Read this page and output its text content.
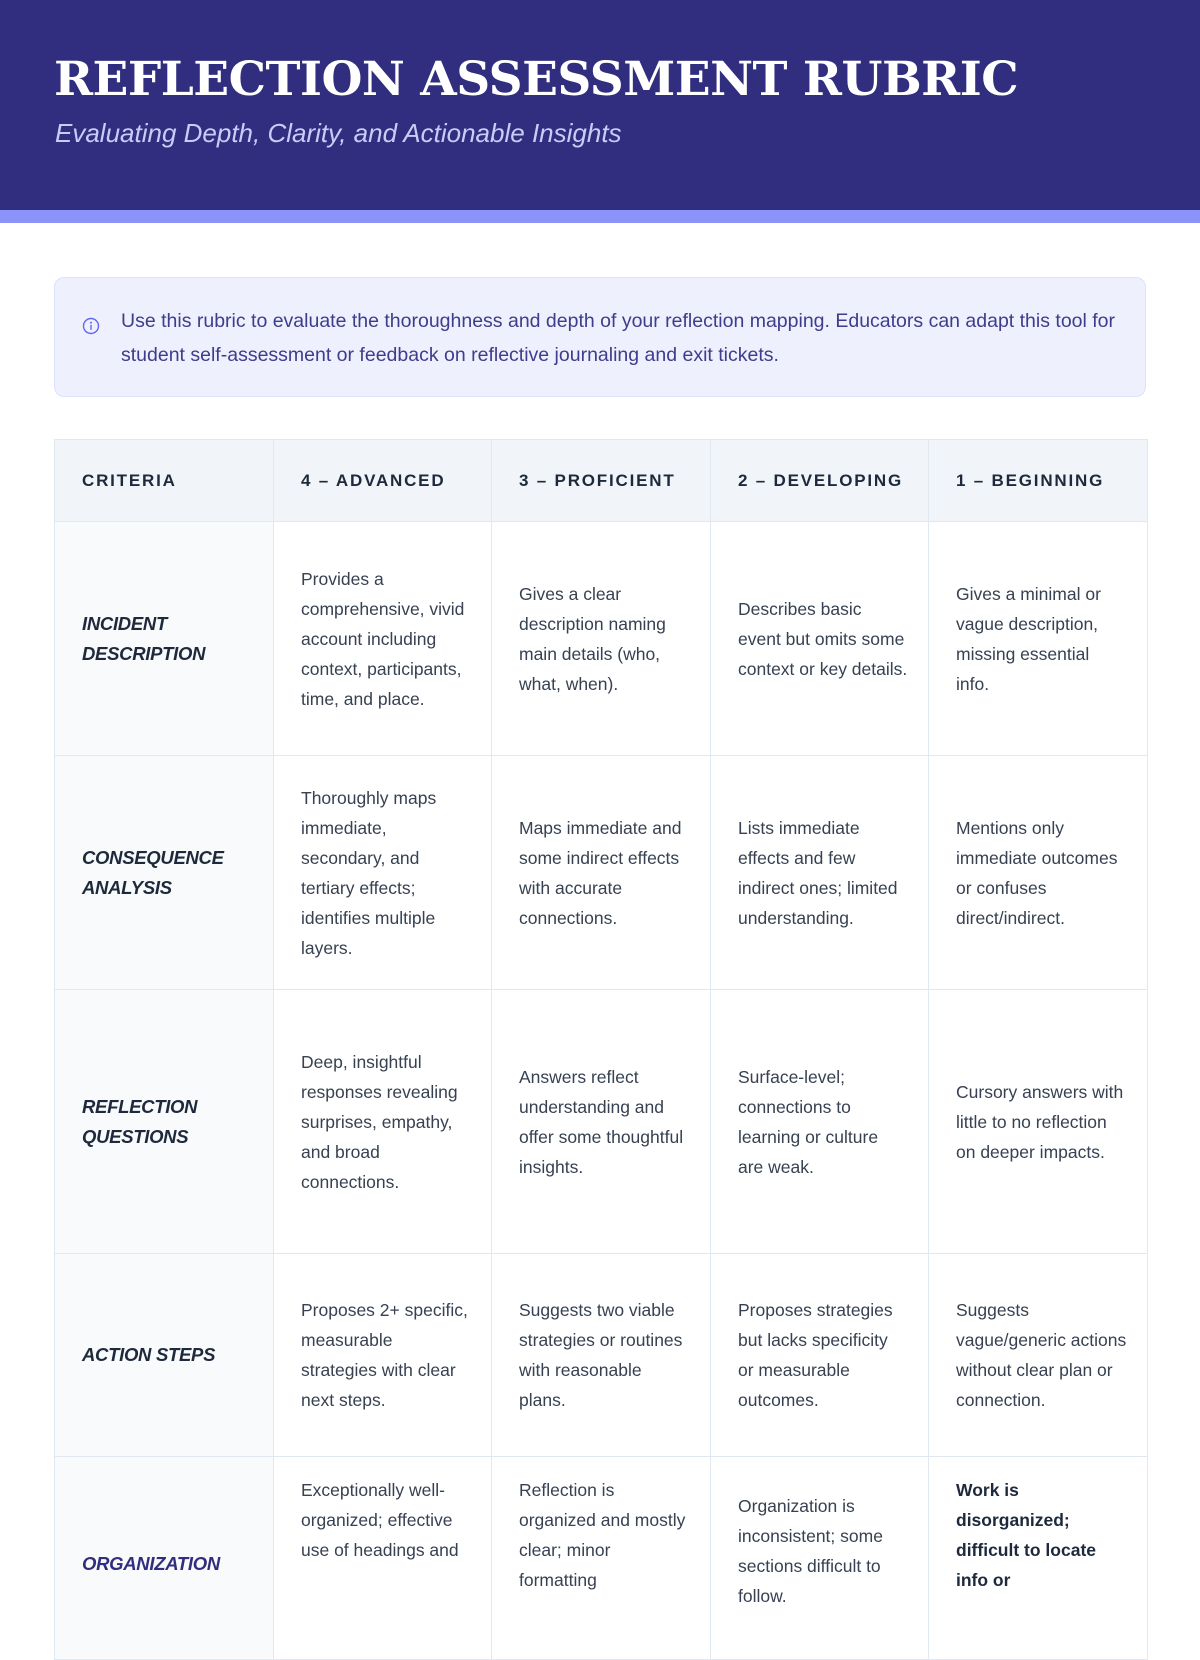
REFLECTION ASSESSMENT RUBRIC

Evaluating Depth, Clarity, and Actionable Insights

Use this rubric to evaluate the thoroughness and depth of your reflection mapping. Educators can adapt this tool for student self-assessment or feedback on reflective journaling and exit tickets.
CRITERIA	4 – ADVANCED	3 – PROFICIENT	2 – DEVELOPING	1 – BEGINNING
INCIDENT DESCRIPTION	Provides a comprehensive, vivid account including context, participants, time, and place.	Gives a clear description naming main details (who, what, when).	Describes basic event but omits some context or key details.	Gives a minimal or vague description, missing essential info.
CONSEQUENCE ANALYSIS	Thoroughly maps immediate, secondary, and tertiary effects; identifies multiple layers.	Maps immediate and some indirect effects with accurate connections.	Lists immediate effects and few indirect ones; limited understanding.	Mentions only immediate outcomes or confuses direct/indirect.
REFLECTION QUESTIONS	Deep, insightful responses revealing surprises, empathy, and broad connections.	Answers reflect understanding and offer some thoughtful insights.	Surface-level; connections to learning or culture are weak.	Cursory answers with little to no reflection on deeper impacts.
ACTION STEPS	Proposes 2+ specific, measurable strategies with clear next steps.	Suggests two viable strategies or routines with reasonable plans.	Proposes strategies but lacks specificity or measurable outcomes.	Suggests vague/generic actions without clear plan or connection.
ORGANIZATION	Exceptionally well-organized; effective use of headings and	Reflection is organized and mostly clear; minor formatting	Organization is inconsistent; some sections difficult to follow.	Work is disorganized; difficult to locate info or
